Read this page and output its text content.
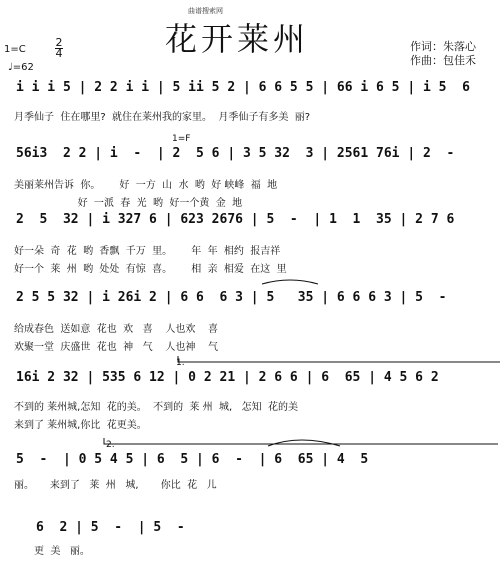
曲谱搜索网
花开莱州
1=C
2
4
♩=62
作词：朱落心
作曲：包佳禾
i i i 5 | 2 2 i i | 5 ii 5 2 | 6 6 5 5 | 66 i 6 5 | i 5  6
月季仙子  住在哪里?  就住在莱州我的家里。  月季仙子有多美  丽?
1=F
56i3  2 2 | i  -  | 2  5 6 | 3 5 32  3 | 2561 76i | 2  -
美丽莱州告诉  你。      好  一方  山  水  哟  好 峡峰  福  地
好  一派  春  光  哟  好一个黄  金  地
2  5  32 | i 327 6 | 623 2676 | 5  -  | 1  1  35 | 2 7 6
好一朵  奇  花  哟  香飘  千万  里。      年  年  相约  报吉祥
好一个  莱  州  哟  处处  有惊  喜。      相  亲  相爱  在这  里
2 5 5 32 | i 26i 2 | 6 6  6 3 | 5   35 | 6 6 6 3 | 5  -
给成春色  送如意  花也  欢   喜    人也欢    喜
欢聚一堂  庆盛世  花也  神   气    人也神    气
1.
16i 2 32 | 535 6 12 | 0 2 21 | 2 6 6 | 6  65 | 4 5 6 2
不到的 莱州城,怎知  花的美。  不到的  莱 州  城,   怎知  花的美
来到了 莱州城,你比  花更美。
2.
5  -  | 0 5 4 5 | 6  5 | 6  -  | 6  65 | 4  5
丽。     来到了   莱  州   城,       你比  花   儿
6  2 | 5  -  | 5  -
更  美   丽。
